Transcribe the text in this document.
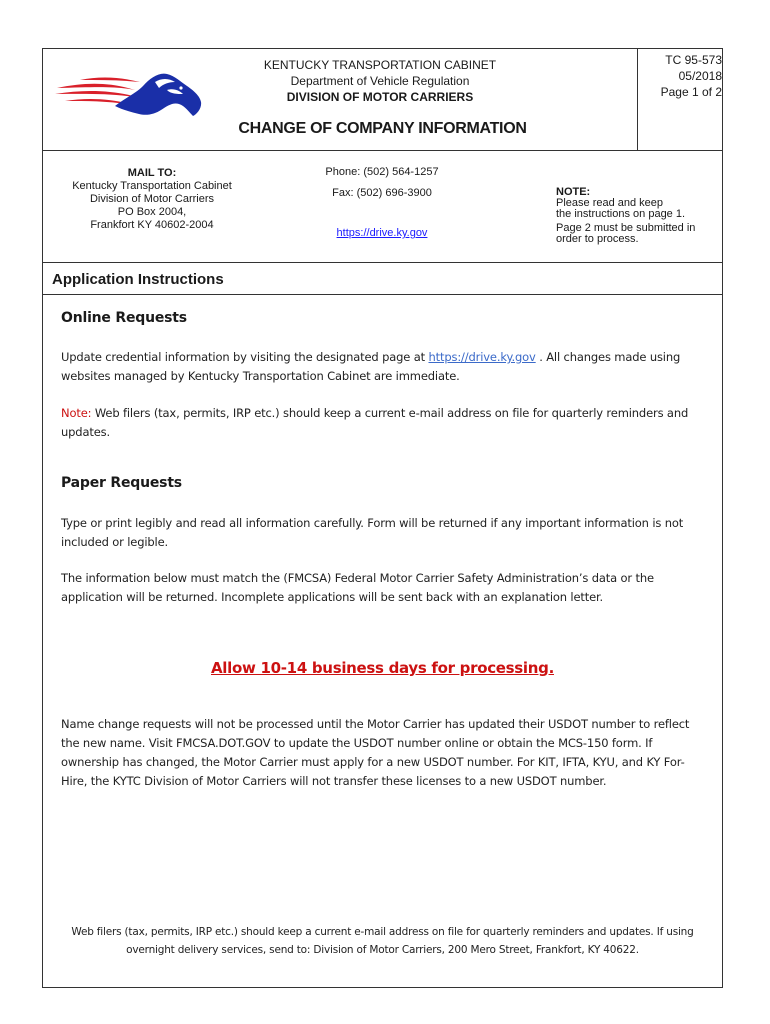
KENTUCKY TRANSPORTATION CABINET
Department of Vehicle Regulation
DIVISION OF MOTOR CARRIERS
TC 95-573
05/2018
Page 1 of 2
CHANGE OF COMPANY INFORMATION
MAIL TO:
Kentucky Transportation Cabinet
Division of Motor Carriers
PO Box 2004,
Frankfort KY 40602-2004
Phone: (502) 564-1257
Fax: (502) 696-3900
https://drive.ky.gov
NOTE:
Please read and keep
the instructions on page 1.
Page 2 must be submitted in
order to process.
Application Instructions
Online Requests
Update credential information by visiting the designated page at https://drive.ky.gov . All changes made using websites managed by Kentucky Transportation Cabinet are immediate.
Note: Web filers (tax, permits, IRP etc.) should keep a current e-mail address on file for quarterly reminders and updates.
Paper Requests
Type or print legibly and read all information carefully. Form will be returned if any important information is not included or legible.
The information below must match the (FMCSA) Federal Motor Carrier Safety Administration’s data or the application will be returned. Incomplete applications will be sent back with an explanation letter.
Allow 10-14 business days for processing.
Name change requests will not be processed until the Motor Carrier has updated their USDOT number to reflect the new name. Visit FMCSA.DOT.GOV to update the USDOT number online or obtain the MCS-150 form. If ownership has changed, the Motor Carrier must apply for a new USDOT number. For KIT, IFTA, KYU, and KY For-Hire, the KYTC Division of Motor Carriers will not transfer these licenses to a new USDOT number.
Web filers (tax, permits, IRP etc.) should keep a current e-mail address on file for quarterly reminders and updates. If using overnight delivery services, send to: Division of Motor Carriers, 200 Mero Street, Frankfort, KY 40622.
